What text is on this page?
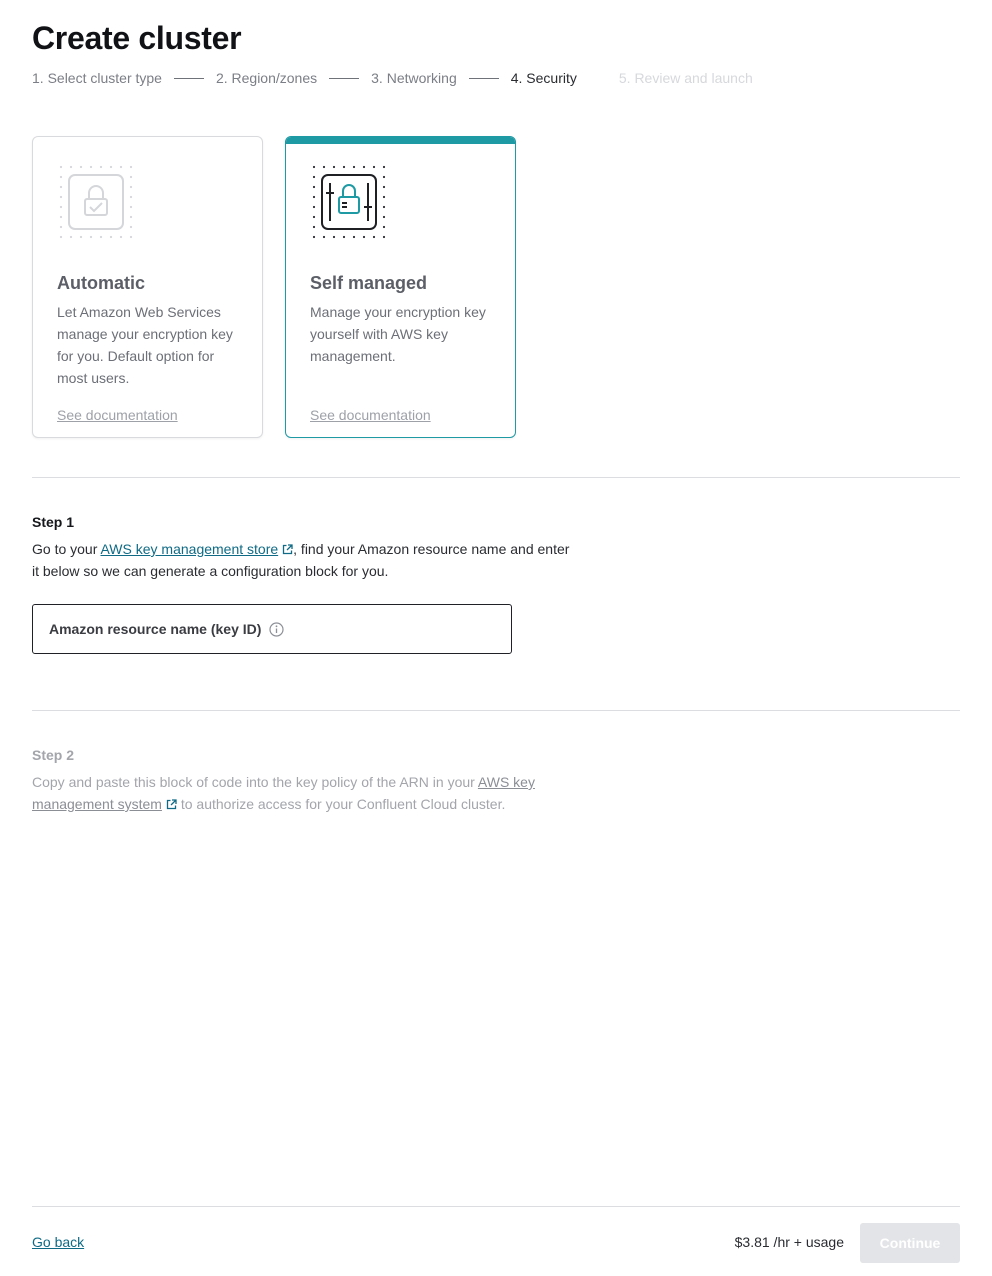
Create cluster
1. Select cluster type	2. Region/zones	3. Networking	4. Security	5. Review and launch
Automatic

Let Amazon Web Services manage your encryption key for you. Default option for most users.

See documentation
Self managed

Manage your encryption key yourself with AWS key management.

See documentation
Step 1

Go to your AWS key management store , find your Amazon resource name and enter it below so we can generate a configuration block for you.

Amazon resource name (key ID)
Step 2

Copy and paste this block of code into the key policy of the ARN in your AWS key management system to authorize access for your Confluent Cloud cluster.

Go back	$3.81 /hr + usage	Continue
